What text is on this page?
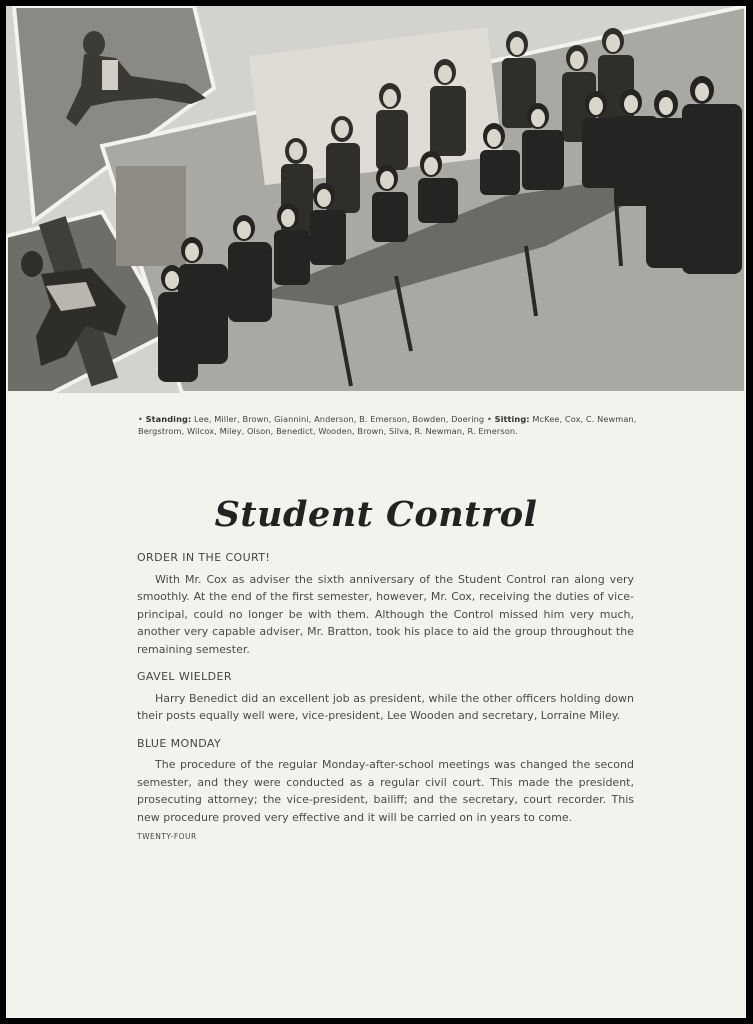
• Standing: Lee, Miller, Brown, Giannini, Anderson, B. Emerson, Bowden, Doering • Sitting: McKee, Cox, C. Newman, Bergstrom, Wilcox, Miley, Olson, Benedict, Wooden, Brown, Silva, R. Newman, R. Emerson.
Student Control
ORDER IN THE COURT!

With Mr. Cox as adviser the sixth anniversary of the Student Control ran along very smoothly. At the end of the first semester, however, Mr. Cox, receiving the duties of vice-principal, could no longer be with them. Although the Control missed him very much, another very capable adviser, Mr. Bratton, took his place to aid the group throughout the remaining semester.

GAVEL WIELDER

Harry Benedict did an excellent job as president, while the other officers holding down their posts equally well were, vice-president, Lee Wooden and secretary, Lorraine Miley.

BLUE MONDAY

The procedure of the regular Monday-after-school meetings was changed the second semester, and they were conducted as a regular civil court. This made the president, prosecuting attorney; the vice-president, bailiff; and the secretary, court recorder. This new procedure proved very effective and it will be carried on in years to come.

TWENTY-FOUR
